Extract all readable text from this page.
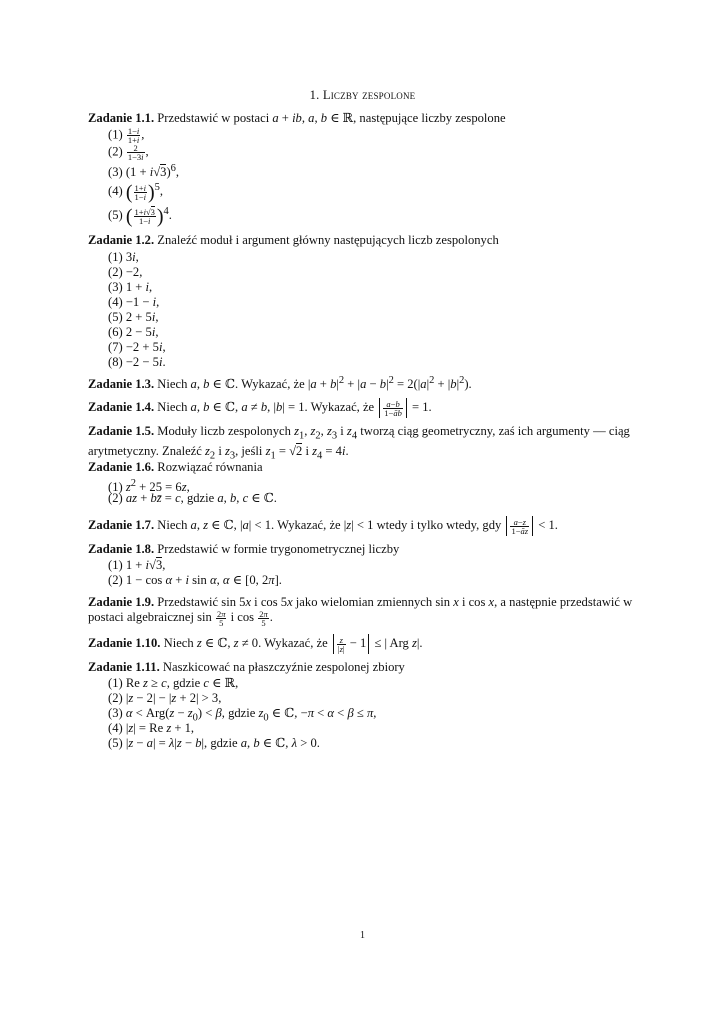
1. Liczby zespolone
Zadanie 1.1. Przedstawić w postaci a + ib, a, b ∈ ℝ, następujące liczby zespolone
$(1) \frac{1-i}{1+i}$ ,
$(2) \frac{2}{1-3i}$ ,
(3) $(1 + i√3)^6$,
(4) ( $\frac{1+i}{1-i} )^5$,
(5) ( $\frac{1+i√3}{1-i} )^4$.
Zadanie 1.2. Znaleźć moduł i argument główny następujących liczb zespolonych
(1) 3i,
(2) −2,
(3) 1 + i,
(4) −1 − i,
(5) 2 + 5i,
(6) 2 − 5i,
(7) −2 + 5i,
(8) −2 − 5i.
Zadanie 1.3. Niech a, b ∈ ℂ. Wykazać, że $|a + b|^2 + |a - b|^2 = 2(|a|^2 + |b|^2)$.
Zadanie 1.4. Niech a, b ∈ ℂ, a ≠ b, |b| = 1. Wykazać, że $\frac{a-b}{1-āb} = 1$.
Zadanie 1.5. Moduły liczb zespolonych $z_1$, $z_2$, $z_3$ i $z_4$ tworzą ciąg geometryczny, zaś ich argumenty — ciąg arytmetyczny. Znaleźć $z_2$ i $z_3$, jeśli $z_1 = √2$ i $z_4 = 4i$.
Zadanie 1.6. Rozwiązać równania
(1) $z^2 + 25 = 6z$,
(2) az + bz̄ = c, gdzie a, b, c ∈ ℂ.
Zadanie 1.7. Niech a, z ∈ ℂ, |a| < 1. Wykazać, że |z| < 1 wtedy i tylko wtedy, gdy $\frac{a-z}{1-āz} < 1$.
Zadanie 1.8. Przedstawić w formie trygonometrycznej liczby
(1) 1 + i√3,
(2) 1 − cos α + i sin α, α ∈ [0, 2π].
Zadanie 1.9. Przedstawić sin 5x i cos 5x jako wielomian zmiennych sin x i cos x, a następnie przedstawić w postaci algebraicznej $\sin \frac{2\pi}{5}$ i $\cos \frac{2\pi}{5}$ .
Zadanie 1.10. Niech z ∈ ℂ, z ≠ 0. Wykazać, że $\frac{z}{|z|} - 1$ ≤ | Arg z|.
Zadanie 1.11. Naszkicować na płaszczyźnie zespolonej zbiory
(1) Re z ≥ c, gdzie c ∈ ℝ,
(2) |z − 2| − |z + 2| > 3,
(3) $\alpha < Arg(z - z_0) < \beta$, gdzie $z_0$ ∈ ℂ, −π < α < β ≤ π,
(4) |z| = Re z + 1,
(5) |z − a| = λ|z − b|, gdzie a, b ∈ ℂ, λ > 0.
1
